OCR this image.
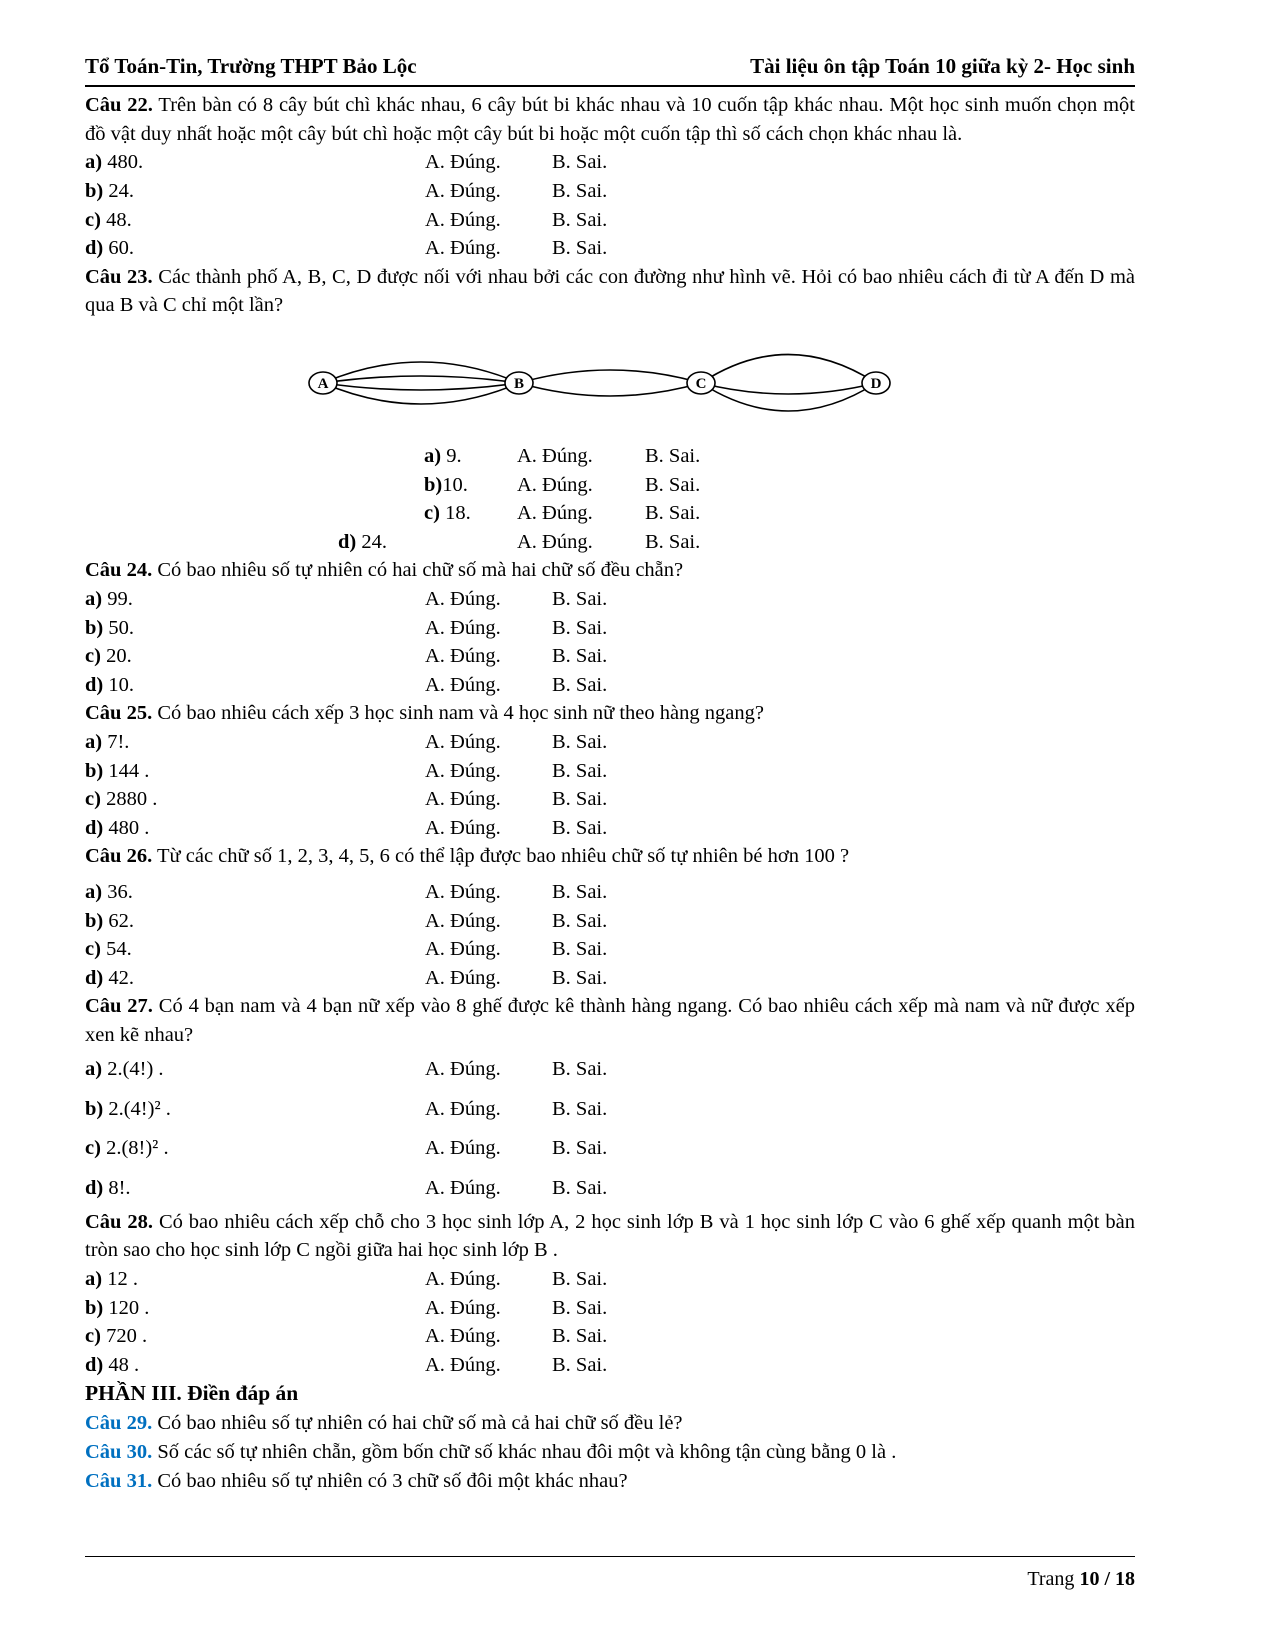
Tổ Toán-Tin, Trường THPT Bảo Lộc	Tài liệu ôn tập Toán 10 giữa kỳ 2- Học sinh

Câu 22. Trên bàn có 8 cây bút chì khác nhau, 6 cây bút bi khác nhau và 10 cuốn tập khác nhau. Một học sinh muốn chọn một đồ vật duy nhất hoặc một cây bút chì hoặc một cây bút bi hoặc một cuốn tập thì số cách chọn khác nhau là.

a) 480.	A. Đúng.	B. Sai.
b) 24.	A. Đúng.	B. Sai.
c) 48.	A. Đúng.	B. Sai.
d) 60.	A. Đúng.	B. Sai.

Câu 23. Các thành phố A, B, C, D được nối với nhau bởi các con đường như hình vẽ. Hỏi có bao nhiêu cách đi từ A đến D mà qua B và C chỉ một lần?

A	B	C	D
a) 9.	A. Đúng.	B. Sai.
b)10.	A. Đúng.	B. Sai.
c) 18.	A. Đúng.	B. Sai.
d) 24.	A. Đúng.	B. Sai.

Câu 24. Có bao nhiêu số tự nhiên có hai chữ số mà hai chữ số đều chẵn?

a) 99.	A. Đúng.	B. Sai.
b) 50.	A. Đúng.	B. Sai.
c) 20.	A. Đúng.	B. Sai.
d) 10.	A. Đúng.	B. Sai.

Câu 25. Có bao nhiêu cách xếp 3 học sinh nam và 4 học sinh nữ theo hàng ngang?

a) 7!.	A. Đúng.	B. Sai.
b) 144 .	A. Đúng.	B. Sai.
c) 2880 .	A. Đúng.	B. Sai.
d) 480 .	A. Đúng.	B. Sai.

Câu 26. Từ các chữ số 1, 2, 3, 4, 5, 6 có thể lập được bao nhiêu chữ số tự nhiên bé hơn 100 ?

a) 36.	A. Đúng.	B. Sai.
b) 62.	A. Đúng.	B. Sai.
c) 54.	A. Đúng.	B. Sai.
d) 42.	A. Đúng.	B. Sai.

Câu 27. Có 4 bạn nam và 4 bạn nữ xếp vào 8 ghế được kê thành hàng ngang. Có bao nhiêu cách xếp mà nam và nữ được xếp xen kẽ nhau?

a) 2.(4!) .	A. Đúng.	B. Sai.
b) 2.(4!)² .	A. Đúng.	B. Sai.
c) 2.(8!)² .	A. Đúng.	B. Sai.
d) 8!.	A. Đúng.	B. Sai.

Câu 28. Có bao nhiêu cách xếp chỗ cho 3 học sinh lớp A, 2 học sinh lớp B và 1 học sinh lớp C vào 6 ghế xếp quanh một bàn tròn sao cho học sinh lớp C ngồi giữa hai học sinh lớp B .

a) 12 .	A. Đúng.	B. Sai.
b) 120 .	A. Đúng.	B. Sai.
c) 720 .	A. Đúng.	B. Sai.
d) 48 .	A. Đúng.	B. Sai.

PHẦN III. Điền đáp án

Câu 29. Có bao nhiêu số tự nhiên có hai chữ số mà cả hai chữ số đều lẻ?

Câu 30. Số các số tự nhiên chẵn, gồm bốn chữ số khác nhau đôi một và không tận cùng bằng 0 là .

Câu 31. Có bao nhiêu số tự nhiên có 3 chữ số đôi một khác nhau?

Trang 10 / 18
